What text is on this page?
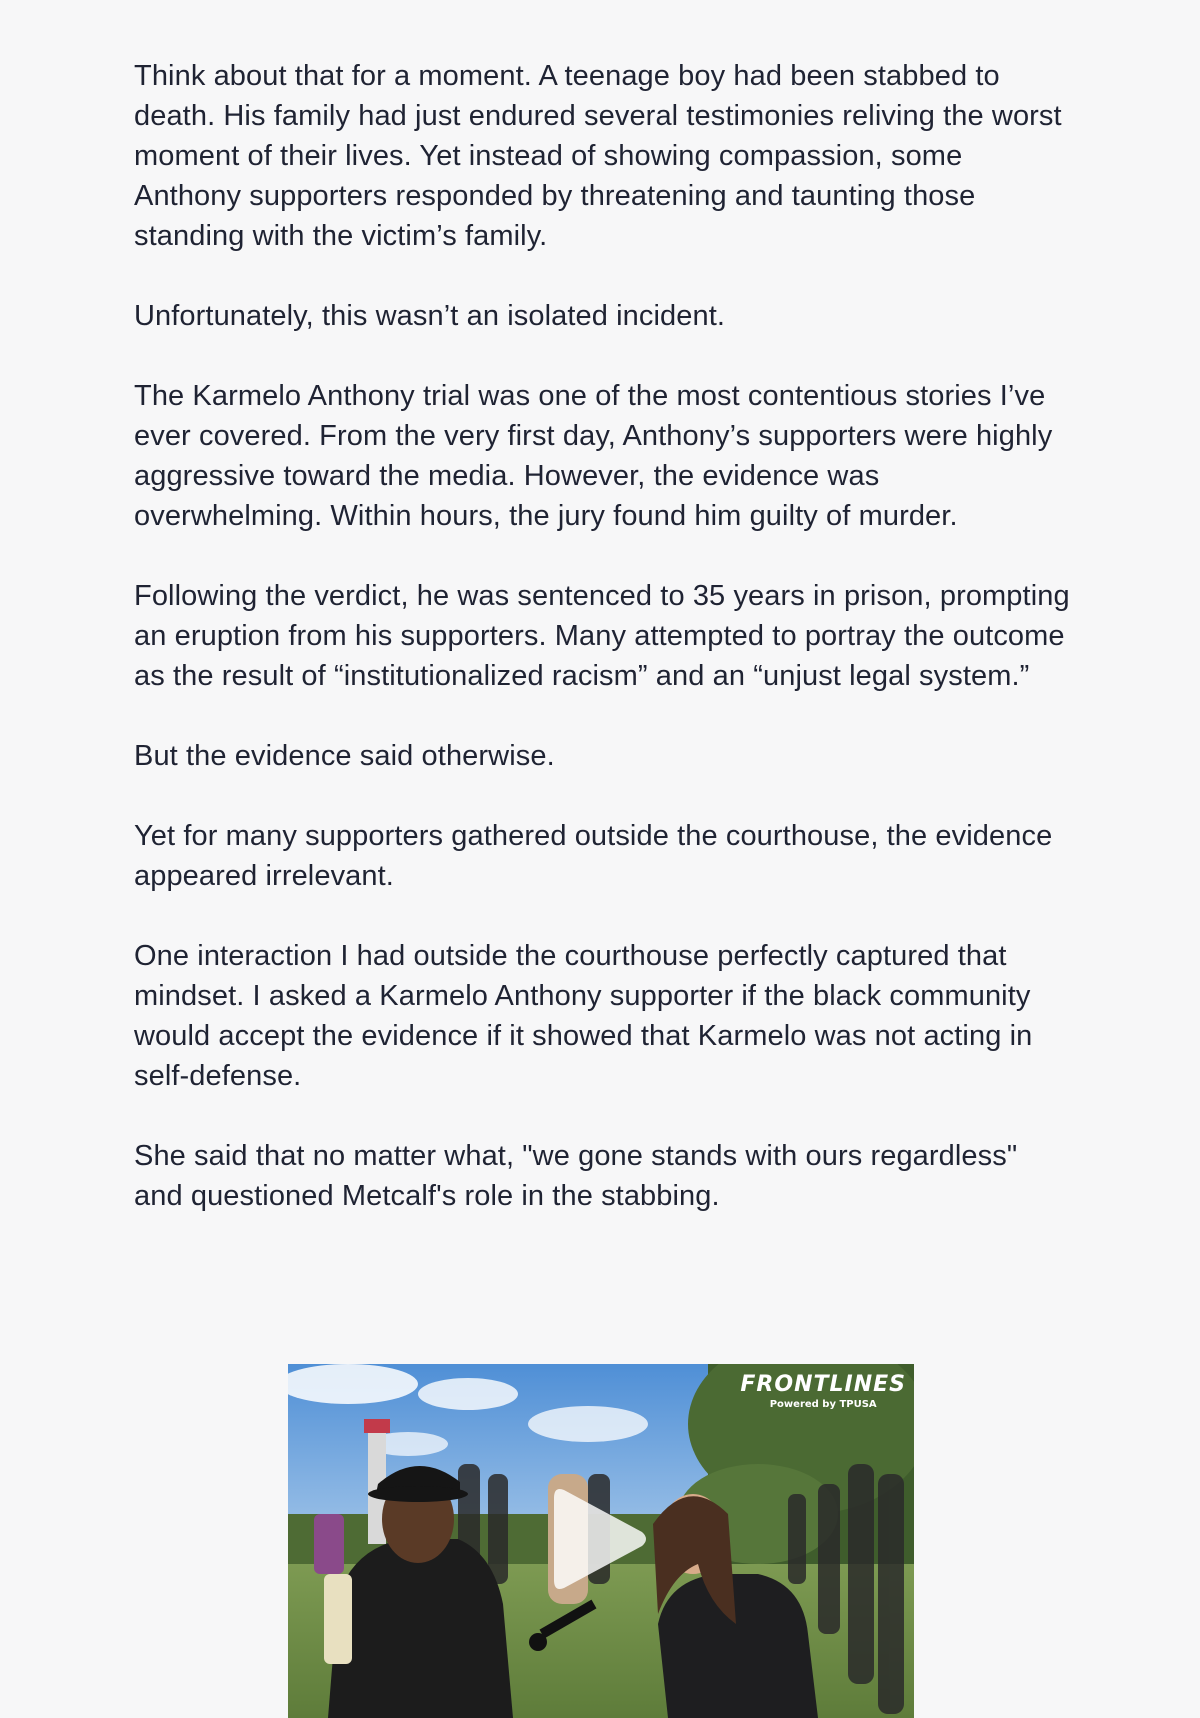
Think about that for a moment. A teenage boy had been stabbed to death. His family had just endured several testimonies reliving the worst moment of their lives. Yet instead of showing compassion, some Anthony supporters responded by threatening and taunting those standing with the victim’s family.

Unfortunately, this wasn’t an isolated incident.

The Karmelo Anthony trial was one of the most contentious stories I’ve ever covered. From the very first day, Anthony’s supporters were highly aggressive toward the media. However, the evidence was overwhelming. Within hours, the jury found him guilty of murder.

Following the verdict, he was sentenced to 35 years in prison, prompting an eruption from his supporters. Many attempted to portray the outcome as the result of “institutionalized racism” and an “unjust legal system.”

But the evidence said otherwise.

Yet for many supporters gathered outside the courthouse, the evidence appeared irrelevant.

One interaction I had outside the courthouse perfectly captured that mindset. I asked a Karmelo Anthony supporter if the black community would accept the evidence if it showed that Karmelo was not acting in self-defense.

She said that no matter what, "we gone stands with ours regardless" and questioned Metcalf's role in the stabbing.

FRONTLINES
Powered by TPUSA
